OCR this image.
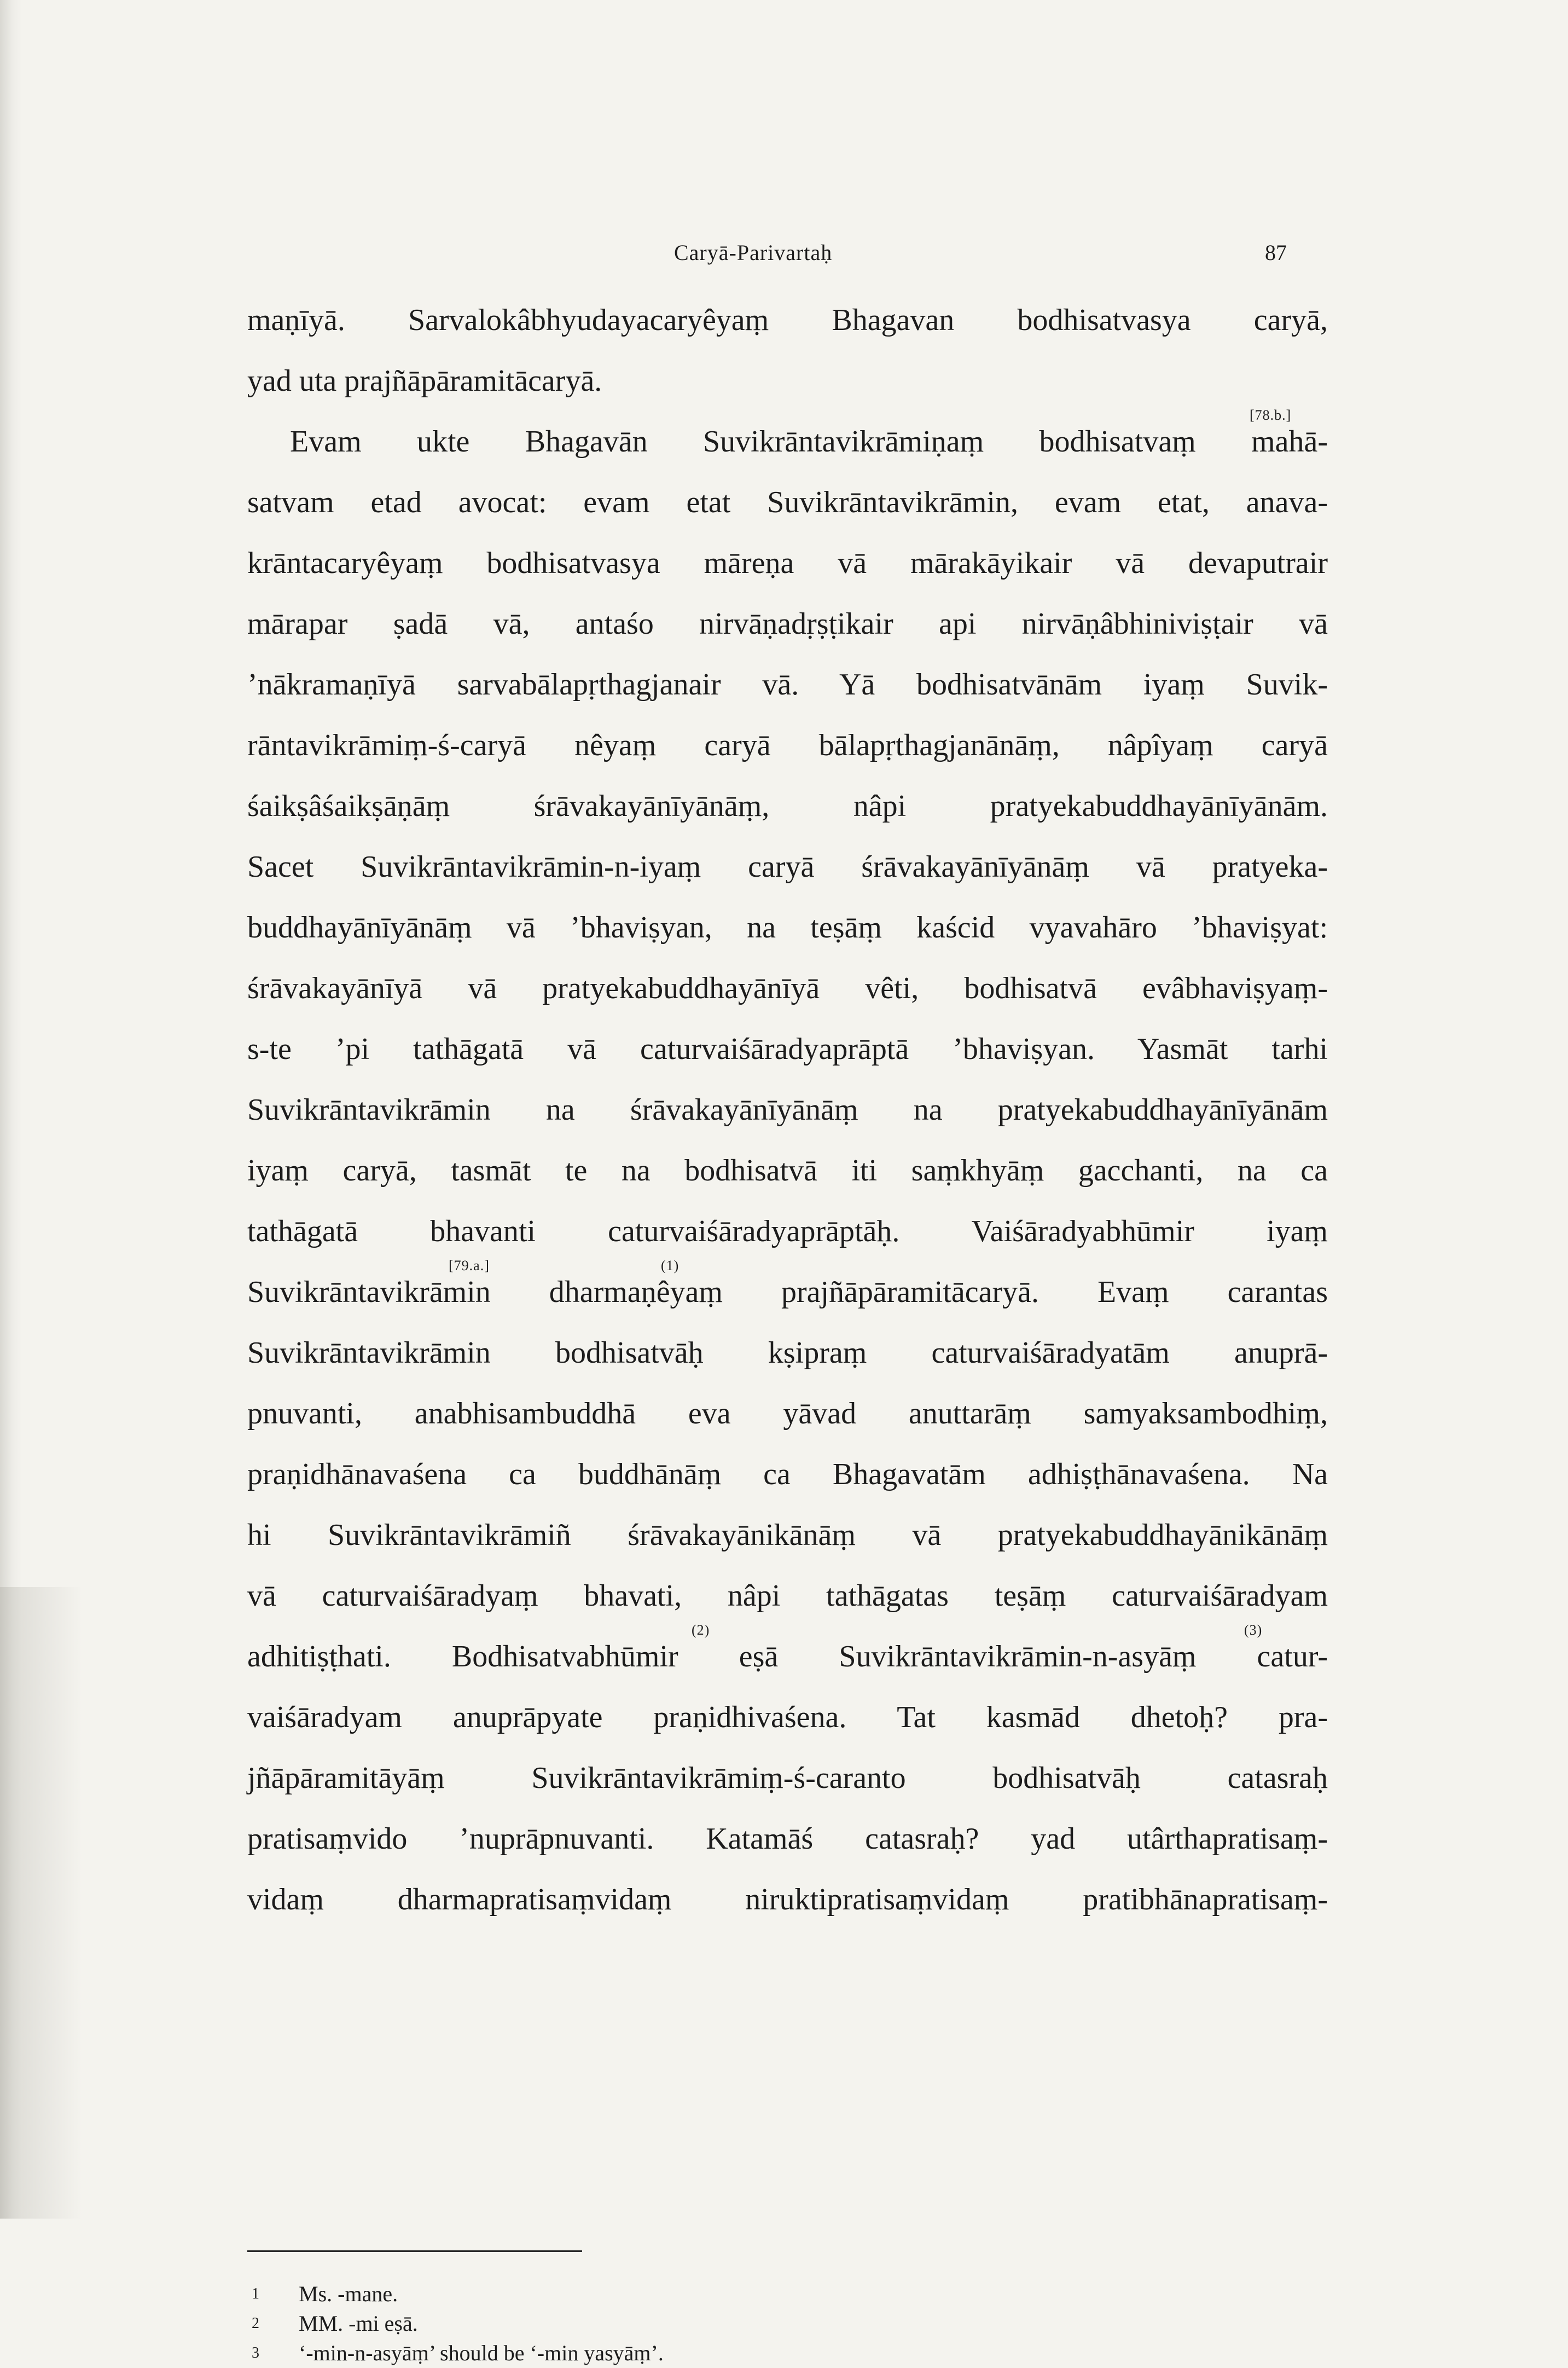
Caryā-Parivartaḥ	87
maṇīyā. Sarvalokâbhyudayacaryêyaṃ Bhagavan bodhisatvasya caryā,
yad uta prajñāpāramitācaryā.
[78.b.]
Evam ukte Bhagavān Suvikrāntavikrāmiṇaṃ bodhisatvaṃ mahā-
satvam etad avocat: evam etat Suvikrāntavikrāmin, evam etat, anava-
krāntacaryêyaṃ bodhisatvasya māreṇa vā mārakāyikair vā devaputrair
mārapar ṣadā vā, antaśo nirvāṇadṛṣṭikair api nirvāṇâbhiniviṣṭair vā
’nākramaṇīyā sarvabālapṛthagjanair vā. Yā bodhisatvānām iyaṃ Suvik-
rāntavikrāmiṃ-ś-caryā nêyaṃ caryā bālapṛthagjanānāṃ, nâpîyaṃ caryā
śaikṣâśaikṣāṇāṃ śrāvakayānīyānāṃ, nâpi pratyekabuddhayānīyānām.
Sacet Suvikrāntavikrāmin-n-iyaṃ caryā śrāvakayānīyānāṃ vā pratyeka-
buddhayānīyānāṃ vā ’bhaviṣyan, na teṣāṃ kaścid vyavahāro ’bhaviṣyat:
śrāvakayānīyā vā pratyekabuddhayānīyā vêti, bodhisatvā evâbhaviṣyaṃ-
s-te ’pi tathāgatā vā caturvaiśāradyaprāptā ’bhaviṣyan. Yasmāt tarhi
Suvikrāntavikrāmin na śrāvakayānīyānāṃ na pratyekabuddhayānīyānām
iyaṃ caryā, tasmāt te na bodhisatvā iti saṃkhyāṃ gacchanti, na ca
tathāgatā bhavanti caturvaiśāradyaprāptāḥ. Vaiśāradyabhūmir iyaṃ
[79.a.]	(1)
Suvikrāntavikrāmin dharmaṇêyaṃ prajñāpāramitācaryā. Evaṃ carantas
Suvikrāntavikrāmin bodhisatvāḥ kṣipraṃ caturvaiśāradyatām anuprā-
pnuvanti, anabhisambuddhā eva yāvad anuttarāṃ samyaksambodhiṃ,
praṇidhānavaśena ca buddhānāṃ ca Bhagavatām adhiṣṭhānavaśena. Na
hi Suvikrāntavikrāmiñ śrāvakayānikānāṃ vā pratyekabuddhayānikānāṃ
vā caturvaiśāradyaṃ bhavati, nâpi tathāgatas teṣāṃ caturvaiśāradyam
(2)	(3)
adhitiṣṭhati. Bodhisatvabhūmir eṣā Suvikrāntavikrāmin-n-asyāṃ catur-
vaiśāradyam anuprāpyate praṇidhivaśena. Tat kasmād dhetoḥ? pra-
jñāpāramitāyāṃ Suvikrāntavikrāmiṃ-ś-caranto bodhisatvāḥ catasraḥ
pratisaṃvido ’nuprāpnuvanti. Katamāś catasraḥ? yad utârthapratisaṃ-
vidaṃ dharmapratisaṃvidaṃ niruktipratisaṃvidaṃ pratibhānapratisaṃ-
1 Ms. -mane.
2 MM. -mi eṣā.
3 ‘-min-n-asyāṃ’ should be ‘-min yasyāṃ’.
